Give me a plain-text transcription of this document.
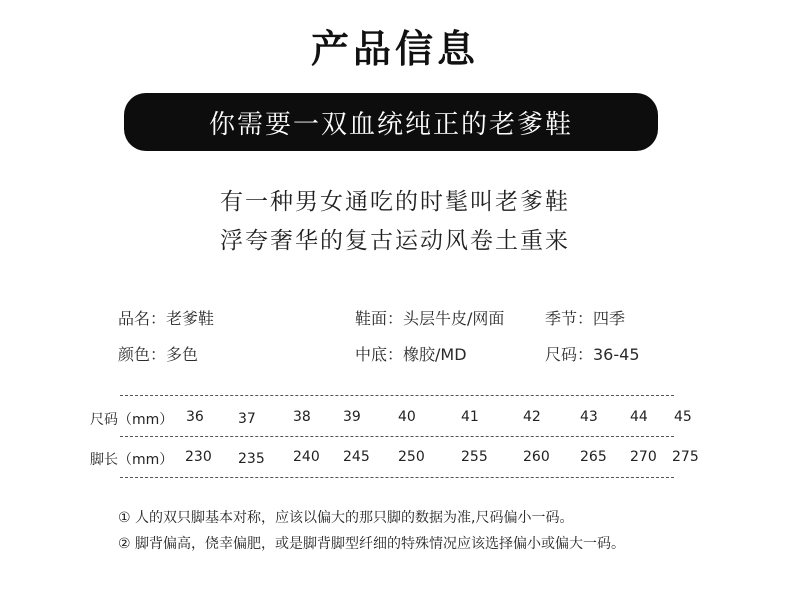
产品信息
你需要一双血统纯正的老爹鞋
有一种男女通吃的时髦叫老爹鞋
浮夸奢华的复古运动风卷土重来
品名：老爹鞋	鞋面：头层牛皮/网面	季节：四季
颜色：多色	中底：橡胶/MD	尺码：36-45
尺码（mm） 36 37	38 39	40	41	42	43 44 45
脚长（mm） 230 235 240 245 250	255	260 265 270 275
① 人的双只脚基本对称，应该以偏大的那只脚的数据为准,尺码偏小一码。
② 脚背偏高，侥幸偏肥，或是脚背脚型纤细的特殊情况应该选择偏小或偏大一码。
